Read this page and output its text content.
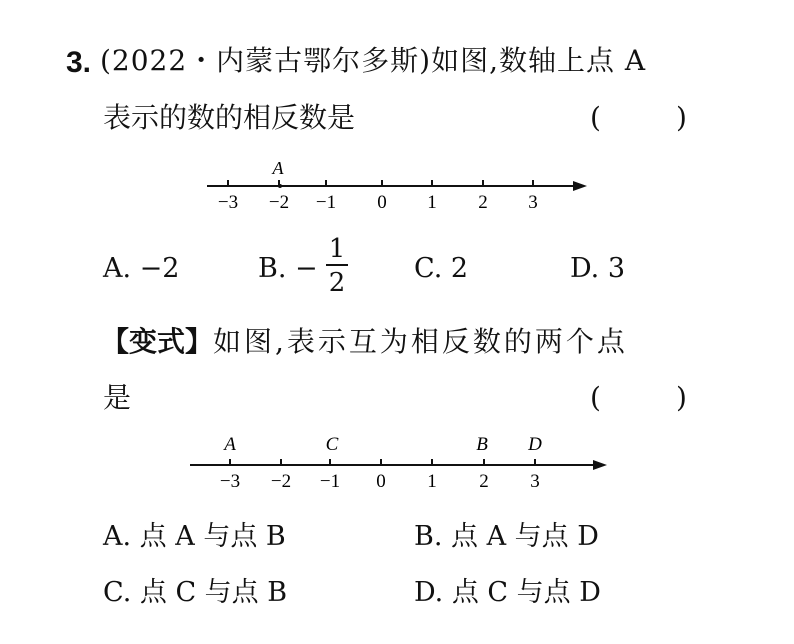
3. (2022・内蒙古鄂尔多斯)如图,数轴上点 A
表示的数的相反数是	(	)
−3 −2 −1 0 1 2 3
A
A. −2	B. −
1
2	C. 2	D. 3
【变式】 如图,表示互为相反数的两个点
是	(	)
−3 −2 −1 0 1 2 3
A	C	B D
A. 点 A 与点 B	B. 点 A 与点 D
C. 点 C 与点 B	D. 点 C 与点 D
